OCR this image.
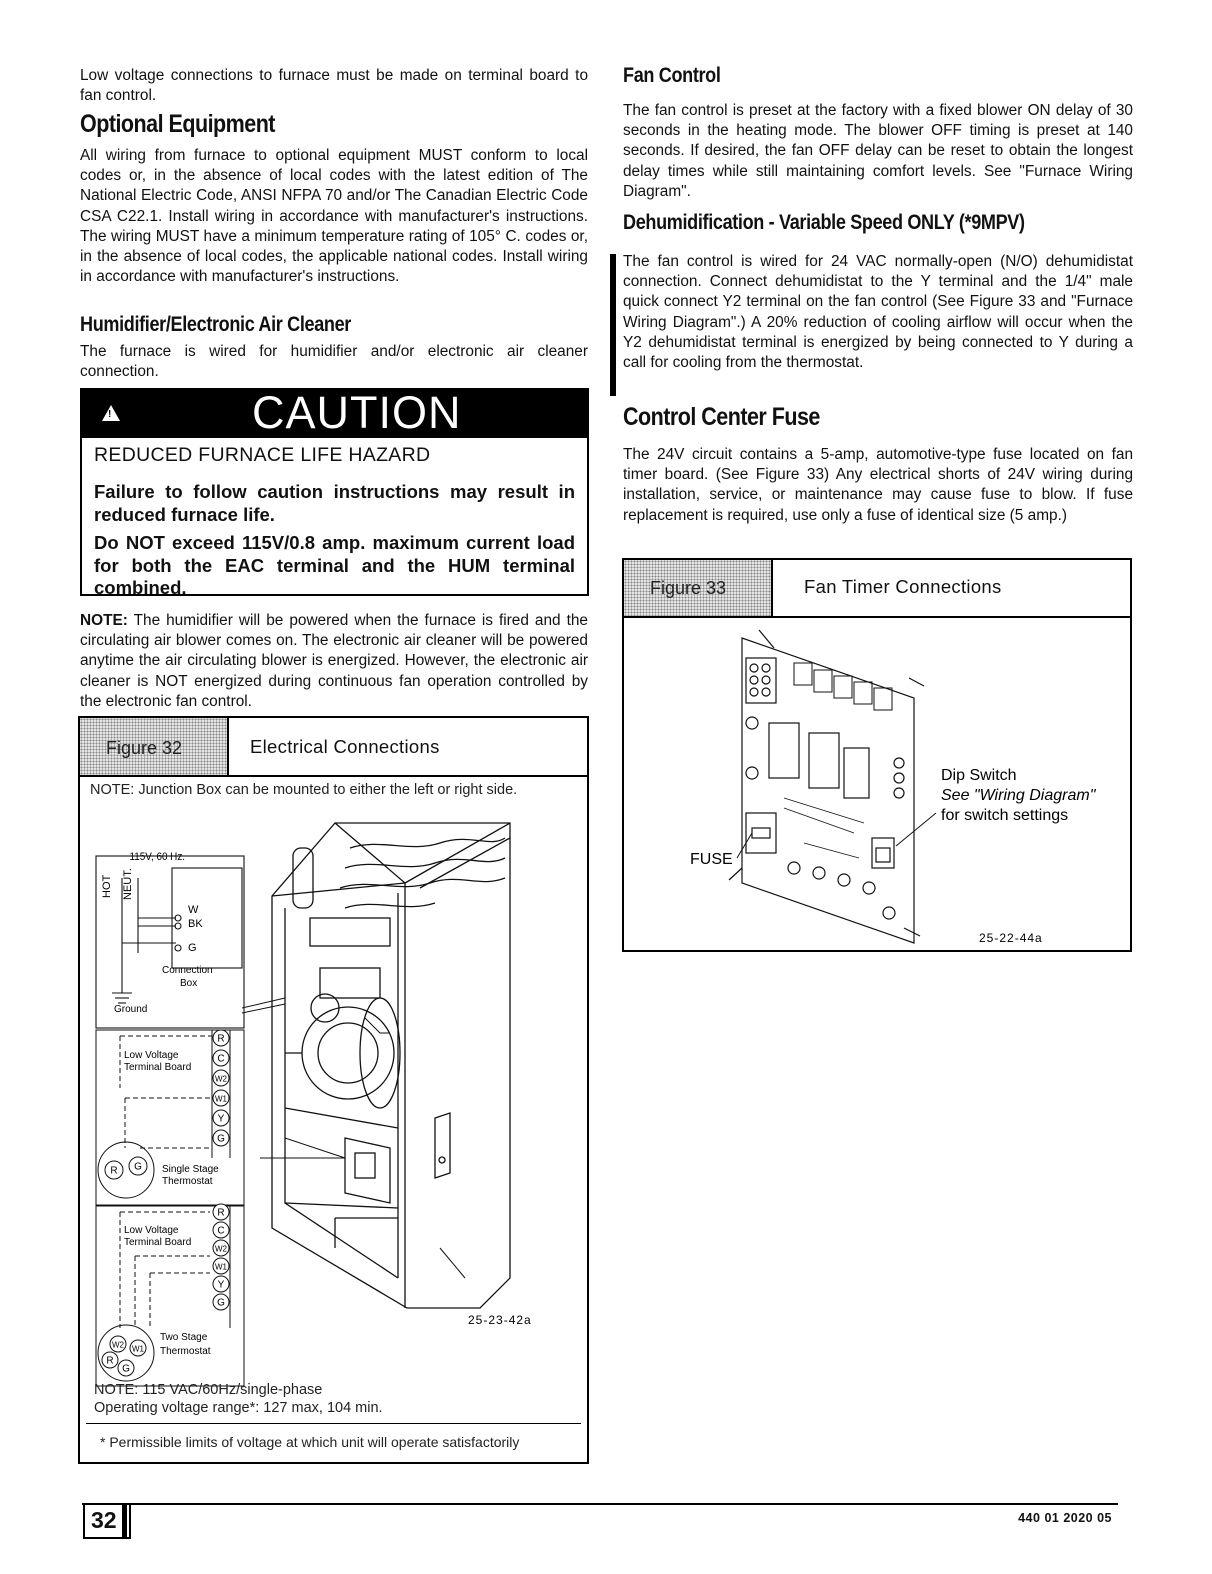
Low voltage connections to furnace must be made on terminal board to fan control.

Optional Equipment

All wiring from furnace to optional equipment MUST conform to local codes or, in the absence of local codes with the latest edition of The National Electric Code, ANSI NFPA 70 and/or The Canadian Electric Code CSA C22.1. Install wiring in accordance with manufacturer's instructions. The wiring MUST have a minimum temperature rating of 105° C. codes or, in the absence of local codes, the applicable national codes. Install wiring in accordance with manufacturer's instructions.

Humidifier/Electronic Air Cleaner

The furnace is wired for humidifier and/or electronic air cleaner connection.

!	CAUTION
REDUCED FURNACE LIFE HAZARD
Failure to follow caution instructions may result in reduced furnace life.
Do NOT exceed 115V/0.8 amp. maximum current load for both the EAC terminal and the HUM terminal combined.

NOTE: The humidifier will be powered when the furnace is fired and the circulating air blower comes on. The electronic air cleaner will be powered anytime the air circulating blower is energized. However, the electronic air cleaner is NOT energized during continuous fan operation controlled by the electronic fan control.

Figure 32	Electrical Connections
NOTE: Junction Box can be mounted to either the left or right side.
115V, 60 Hz.
HOT NEUT.
W
BK
G
Connection
Box
Ground
Low Voltage
Terminal Board
Single Stage
Thermostat
R
C
W2
W1
Y
G
R G
Low Voltage
Terminal Board
Two Stage
Thermostat
R
C
W2
W1
Y
G
W2
R
W1
G
25-23-42a
NOTE: 115 VAC/60Hz/single-phase
Operating voltage range*: 127 max, 104 min.
* Permissible limits of voltage at which unit will operate satisfactorily
Fan Control

The fan control is preset at the factory with a fixed blower ON delay of 30 seconds in the heating mode. The blower OFF timing is preset at 140 seconds. If desired, the fan OFF delay can be reset to obtain the longest delay times while still maintaining comfort levels. See "Furnace Wiring Diagram".

Dehumidification - Variable Speed ONLY (*9MPV)

The fan control is wired for 24 VAC normally-open (N/O) dehumidistat connection. Connect dehumidistat to the Y terminal and the 1/4" male quick connect Y2 terminal on the fan control (See Figure 33 and "Furnace Wiring Diagram".) A 20% reduction of cooling airflow will occur when the Y2 dehumidistat terminal is energized by being connected to Y during a call for cooling from the thermostat.

Control Center Fuse

The 24V circuit contains a 5-amp, automotive-type fuse located on fan timer board. (See Figure 33) Any electrical shorts of 24V wiring during installation, service, or maintenance may cause fuse to blow. If fuse replacement is required, use only a fuse of identical size (5 amp.)

Figure 33	Fan Timer Connections
Dip Switch
See "Wiring Diagram"
for switch settings
FUSE
25-22-44a
32	440 01 2020 05
